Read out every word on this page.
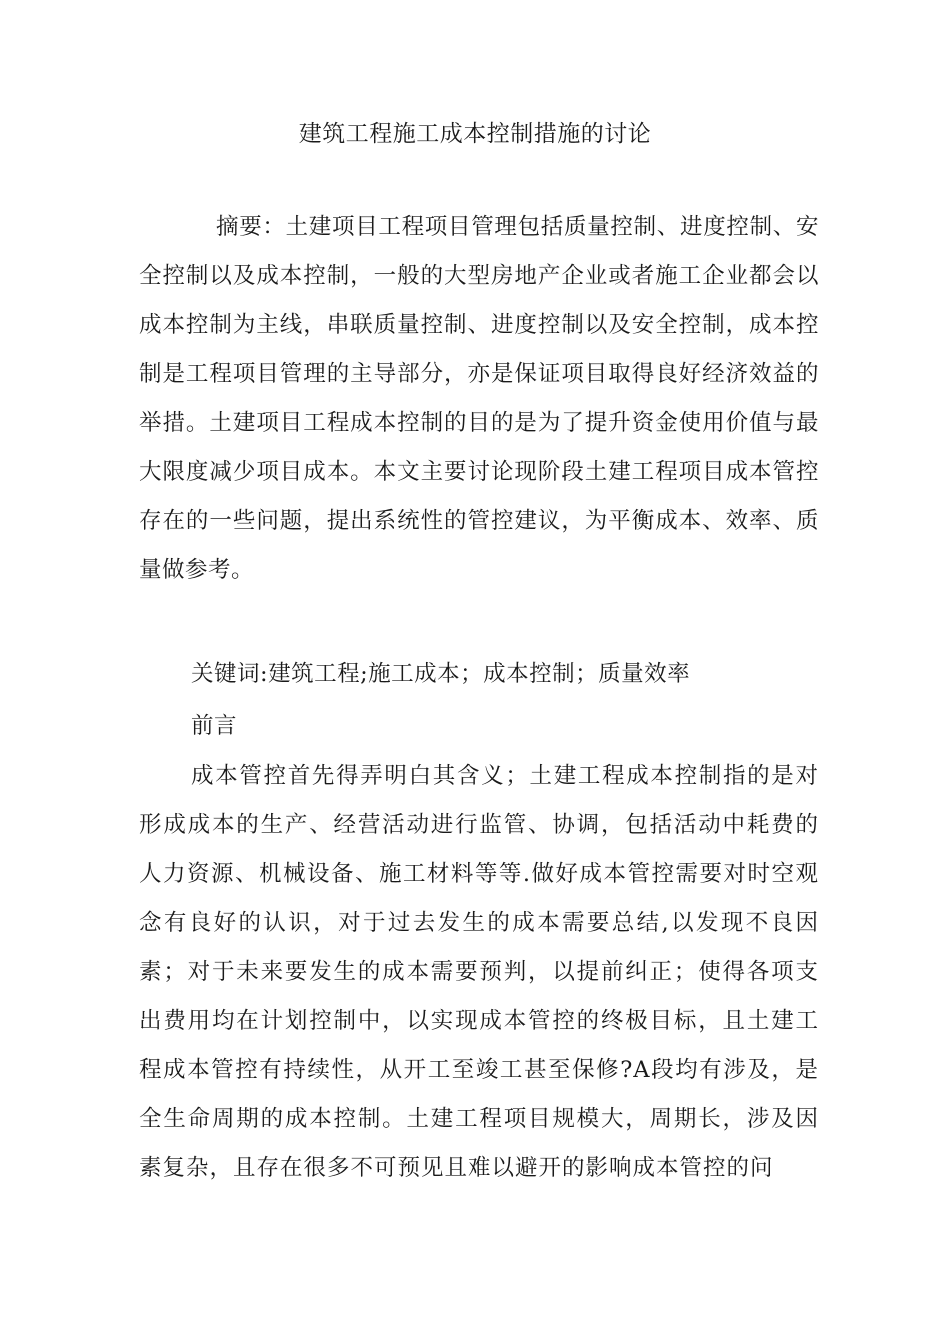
建筑工程施工成本控制措施的讨论
摘要：土建项目工程项目管理包括质量控制、进度控制、安全控制以及成本控制，一般的大型房地产企业或者施工企业都会以成本控制为主线，串联质量控制、进度控制以及安全控制，成本控制是工程项目管理的主导部分，亦是保证项目取得良好经济效益的举措。土建项目工程成本控制的目的是为了提升资金使用价值与最大限度减少项目成本。本文主要讨论现阶段土建工程项目成本管控存在的一些问题，提出系统性的管控建议，为平衡成本、效率、质量做参考。
关键词:建筑工程;施工成本；成本控制；质量效率
前言
成本管控首先得弄明白其含义；土建工程成本控制指的是对形成成本的生产、经营活动进行监管、协调，包括活动中耗费的人力资源、机械设备、施工材料等等.做好成本管控需要对时空观念有良好的认识，对于过去发生的成本需要总结,以发现不良因素；对于未来要发生的成本需要预判，以提前纠正；使得各项支出费用均在计划控制中，以实现成本管控的终极目标，且土建工程成本管控有持续性，从开工至竣工甚至保修?A段均有涉及，是全生命周期的成本控制。土建工程项目规模大，周期长，涉及因素复杂，且存在很多不可预见且难以避开的影响成本管控的问
